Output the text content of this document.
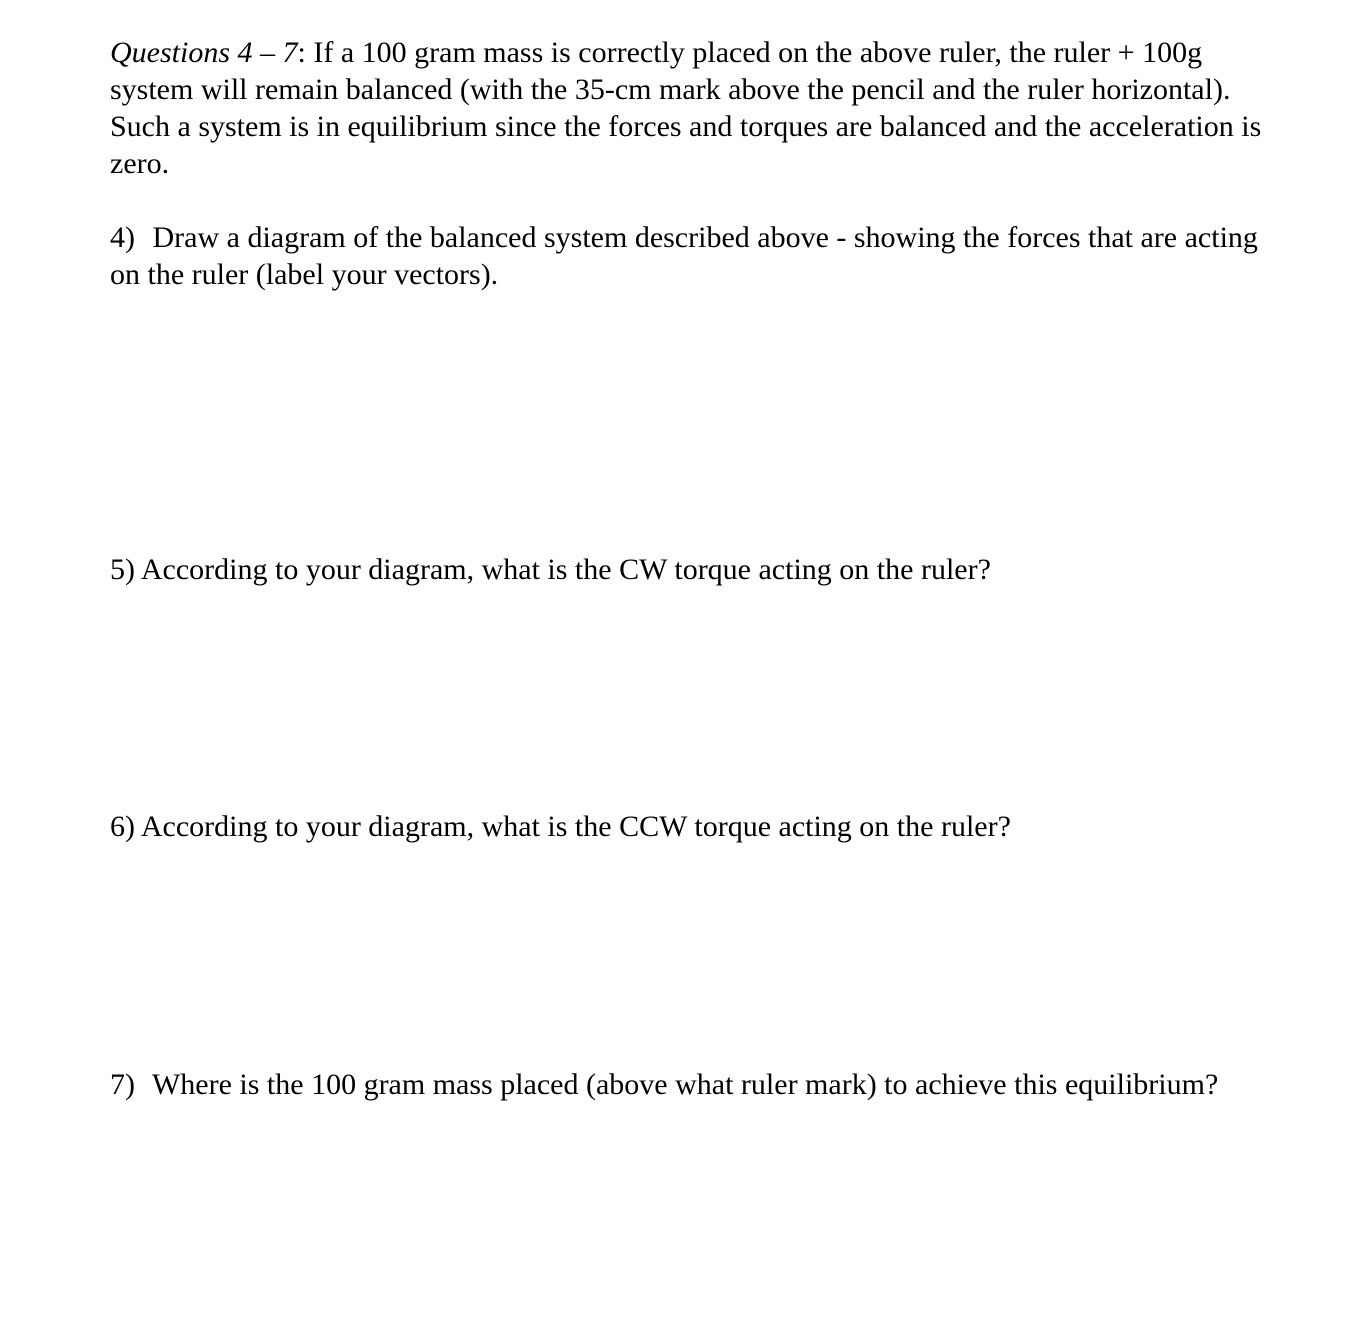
Questions 4 – 7: If a 100 gram mass is correctly placed on the above ruler, the ruler + 100g system will remain balanced (with the 35-cm mark above the pencil and the ruler horizontal). Such a system is in equilibrium since the forces and torques are balanced and the acceleration is zero.

4) Draw a diagram of the balanced system described above - showing the forces that are acting on the ruler (label your vectors).

5) According to your diagram, what is the CW torque acting on the ruler?

6) According to your diagram, what is the CCW torque acting on the ruler?

7) Where is the 100 gram mass placed (above what ruler mark) to achieve this equilibrium?
